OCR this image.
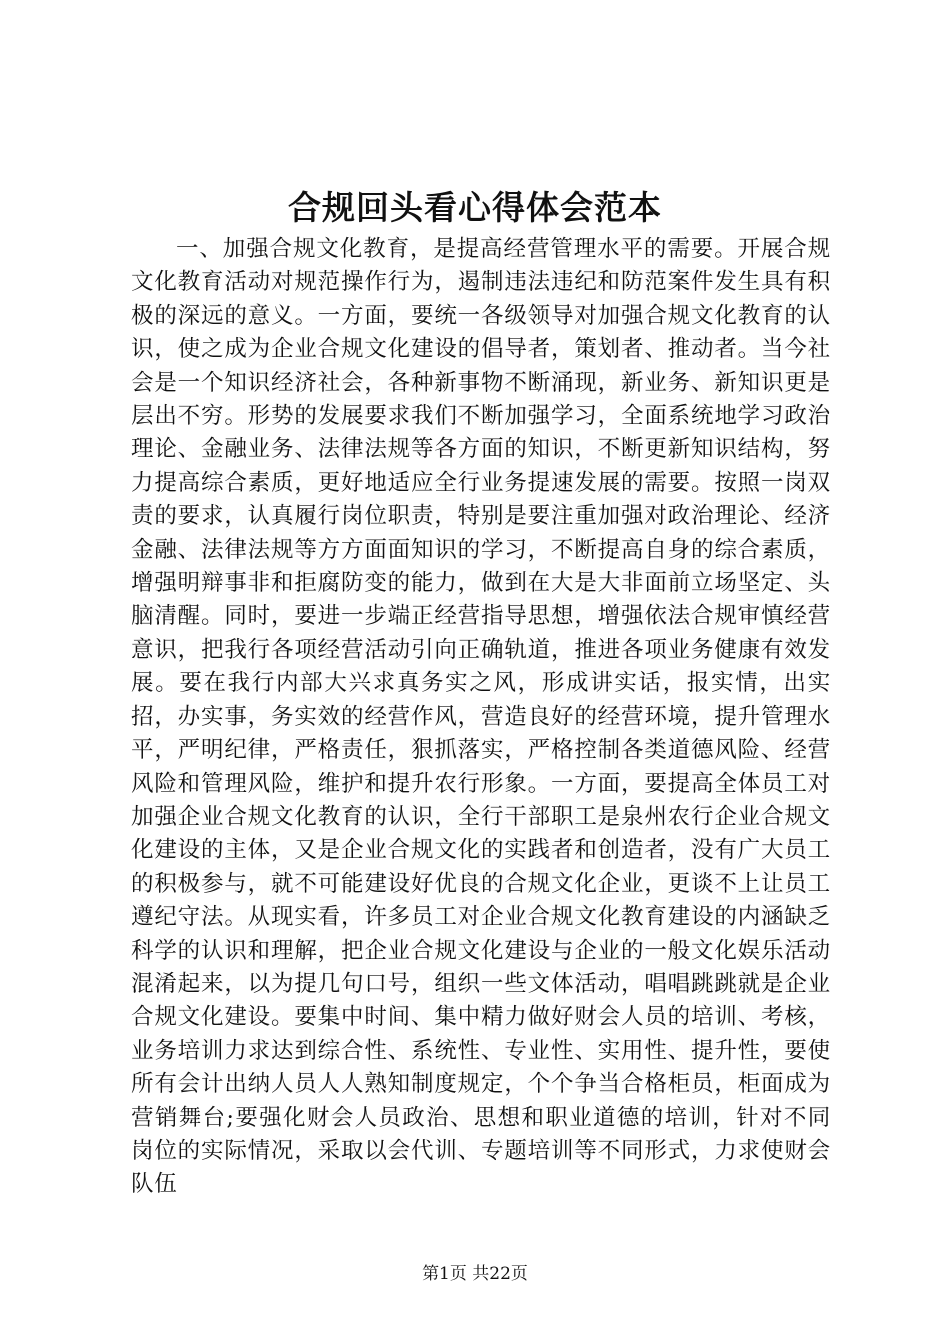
合规回头看心得体会范本

一、加强合规文化教育，是提高经营管理水平的需要。开展合规文化教育活动对规范操作行为，遏制违法违纪和防范案件发生具有积极的深远的意义。一方面，要统一各级领导对加强合规文化教育的认识，使之成为企业合规文化建设的倡导者，策划者、推动者。当今社会是一个知识经济社会，各种新事物不断涌现，新业务、新知识更是层出不穷。形势的发展要求我们不断加强学习，全面系统地学习政治理论、金融业务、法律法规等各方面的知识，不断更新知识结构，努力提高综合素质，更好地适应全行业务提速发展的需要。按照一岗双责的要求，认真履行岗位职责，特别是要注重加强对政治理论、经济金融、法律法规等方方面面知识的学习，不断提高自身的综合素质，增强明辩事非和拒腐防变的能力，做到在大是大非面前立场坚定、头脑清醒。同时，要进一步端正经营指导思想，增强依法合规审慎经营意识，把我行各项经营活动引向正确轨道，推进各项业务健康有效发展。要在我行内部大兴求真务实之风，形成讲实话，报实情，出实招，办实事，务实效的经营作风，营造良好的经营环境，提升管理水平，严明纪律，严格责任，狠抓落实，严格控制各类道德风险、经营风险和管理风险，维护和提升农行形象。一方面，要提高全体员工对加强企业合规文化教育的认识，全行干部职工是泉州农行企业合规文化建设的主体，又是企业合规文化的实践者和创造者，没有广大员工的积极参与，就不可能建设好优良的合规文化企业，更谈不上让员工遵纪守法。从现实看，许多员工对企业合规文化教育建设的内涵缺乏科学的认识和理解，把企业合规文化建设与企业的一般文化娱乐活动混淆起来，以为提几句口号，组织一些文体活动，唱唱跳跳就是企业合规文化建设。要集中时间、集中精力做好财会人员的培训、考核，业务培训力求达到综合性、系统性、专业性、实用性、提升性，要使所有会计出纳人员人人熟知制度规定，个个争当合格柜员，柜面成为营销舞台;要强化财会人员政治、思想和职业道德的培训，针对不同岗位的实际情况，采取以会代训、专题培训等不同形式，力求使财会队伍

第1页 共22页
